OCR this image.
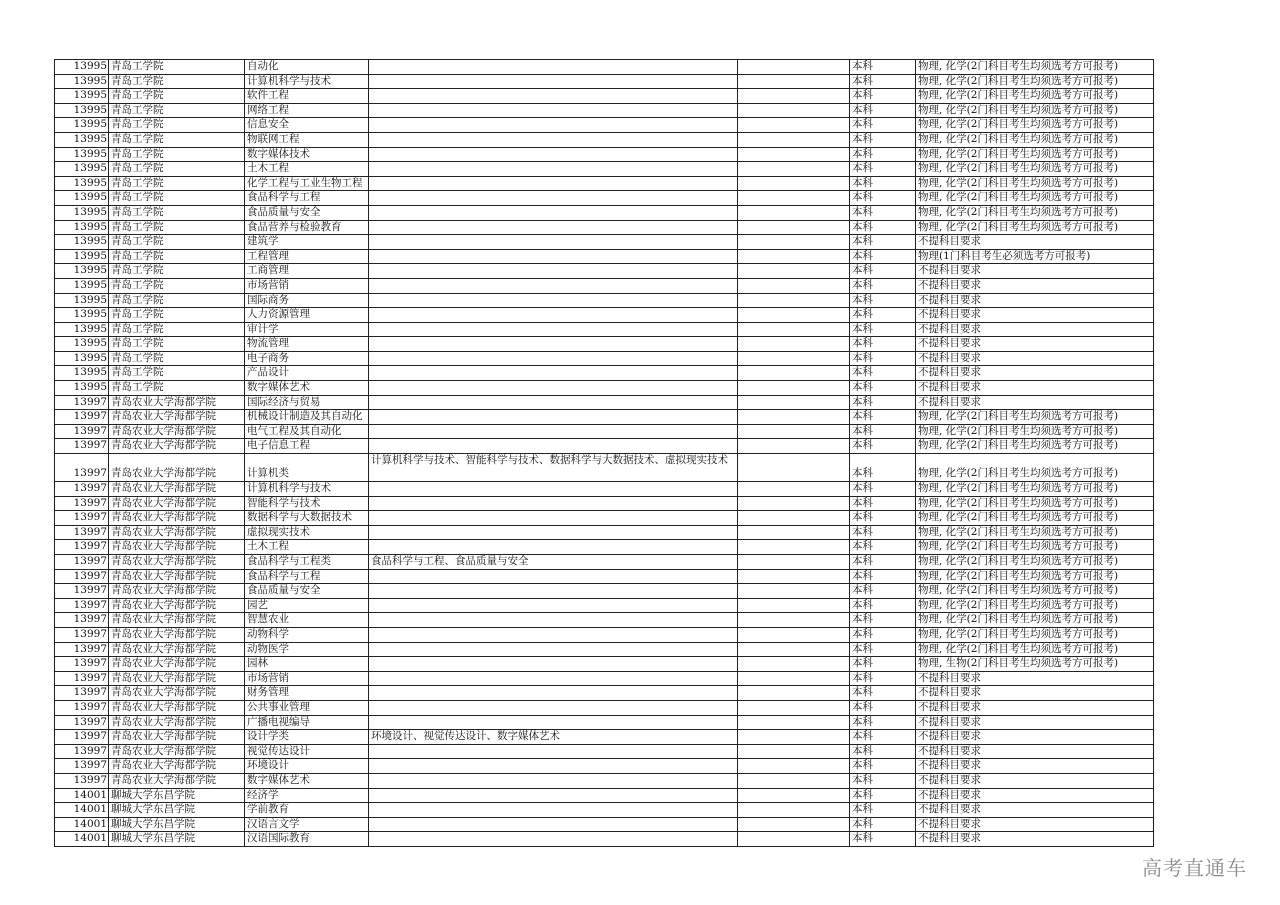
13995	青岛工学院	自动化			本科	物理, 化学(2门科目考生均须选考方可报考)
13995	青岛工学院	计算机科学与技术			本科	物理, 化学(2门科目考生均须选考方可报考)
13995	青岛工学院	软件工程			本科	物理, 化学(2门科目考生均须选考方可报考)
13995	青岛工学院	网络工程			本科	物理, 化学(2门科目考生均须选考方可报考)
13995	青岛工学院	信息安全			本科	物理, 化学(2门科目考生均须选考方可报考)
13995	青岛工学院	物联网工程			本科	物理, 化学(2门科目考生均须选考方可报考)
13995	青岛工学院	数字媒体技术			本科	物理, 化学(2门科目考生均须选考方可报考)
13995	青岛工学院	土木工程			本科	物理, 化学(2门科目考生均须选考方可报考)
13995	青岛工学院	化学工程与工业生物工程			本科	物理, 化学(2门科目考生均须选考方可报考)
13995	青岛工学院	食品科学与工程			本科	物理, 化学(2门科目考生均须选考方可报考)
13995	青岛工学院	食品质量与安全			本科	物理, 化学(2门科目考生均须选考方可报考)
13995	青岛工学院	食品营养与检验教育			本科	物理, 化学(2门科目考生均须选考方可报考)
13995	青岛工学院	建筑学			本科	不提科目要求
13995	青岛工学院	工程管理			本科	物理(1门科目考生必须选考方可报考)
13995	青岛工学院	工商管理			本科	不提科目要求
13995	青岛工学院	市场营销			本科	不提科目要求
13995	青岛工学院	国际商务			本科	不提科目要求
13995	青岛工学院	人力资源管理			本科	不提科目要求
13995	青岛工学院	审计学			本科	不提科目要求
13995	青岛工学院	物流管理			本科	不提科目要求
13995	青岛工学院	电子商务			本科	不提科目要求
13995	青岛工学院	产品设计			本科	不提科目要求
13995	青岛工学院	数字媒体艺术			本科	不提科目要求
13997	青岛农业大学海都学院	国际经济与贸易			本科	不提科目要求
13997	青岛农业大学海都学院	机械设计制造及其自动化			本科	物理, 化学(2门科目考生均须选考方可报考)
13997	青岛农业大学海都学院	电气工程及其自动化			本科	物理, 化学(2门科目考生均须选考方可报考)
13997	青岛农业大学海都学院	电子信息工程			本科	物理, 化学(2门科目考生均须选考方可报考)
13997	青岛农业大学海都学院	计算机类	计算机科学与技术、智能科学与技术、数据科学与大数据技术、虚拟现实技术		本科	物理, 化学(2门科目考生均须选考方可报考)
13997	青岛农业大学海都学院	计算机科学与技术			本科	物理, 化学(2门科目考生均须选考方可报考)
13997	青岛农业大学海都学院	智能科学与技术			本科	物理, 化学(2门科目考生均须选考方可报考)
13997	青岛农业大学海都学院	数据科学与大数据技术			本科	物理, 化学(2门科目考生均须选考方可报考)
13997	青岛农业大学海都学院	虚拟现实技术			本科	物理, 化学(2门科目考生均须选考方可报考)
13997	青岛农业大学海都学院	土木工程			本科	物理, 化学(2门科目考生均须选考方可报考)
13997	青岛农业大学海都学院	食品科学与工程类	食品科学与工程、食品质量与安全		本科	物理, 化学(2门科目考生均须选考方可报考)
13997	青岛农业大学海都学院	食品科学与工程			本科	物理, 化学(2门科目考生均须选考方可报考)
13997	青岛农业大学海都学院	食品质量与安全			本科	物理, 化学(2门科目考生均须选考方可报考)
13997	青岛农业大学海都学院	园艺			本科	物理, 化学(2门科目考生均须选考方可报考)
13997	青岛农业大学海都学院	智慧农业			本科	物理, 化学(2门科目考生均须选考方可报考)
13997	青岛农业大学海都学院	动物科学			本科	物理, 化学(2门科目考生均须选考方可报考)
13997	青岛农业大学海都学院	动物医学			本科	物理, 化学(2门科目考生均须选考方可报考)
13997	青岛农业大学海都学院	园林			本科	物理, 生物(2门科目考生均须选考方可报考)
13997	青岛农业大学海都学院	市场营销			本科	不提科目要求
13997	青岛农业大学海都学院	财务管理			本科	不提科目要求
13997	青岛农业大学海都学院	公共事业管理			本科	不提科目要求
13997	青岛农业大学海都学院	广播电视编导			本科	不提科目要求
13997	青岛农业大学海都学院	设计学类	环境设计、视觉传达设计、数字媒体艺术		本科	不提科目要求
13997	青岛农业大学海都学院	视觉传达设计			本科	不提科目要求
13997	青岛农业大学海都学院	环境设计			本科	不提科目要求
13997	青岛农业大学海都学院	数字媒体艺术			本科	不提科目要求
14001	聊城大学东昌学院	经济学			本科	不提科目要求
14001	聊城大学东昌学院	学前教育			本科	不提科目要求
14001	聊城大学东昌学院	汉语言文学			本科	不提科目要求
14001	聊城大学东昌学院	汉语国际教育			本科	不提科目要求
高考直通车
